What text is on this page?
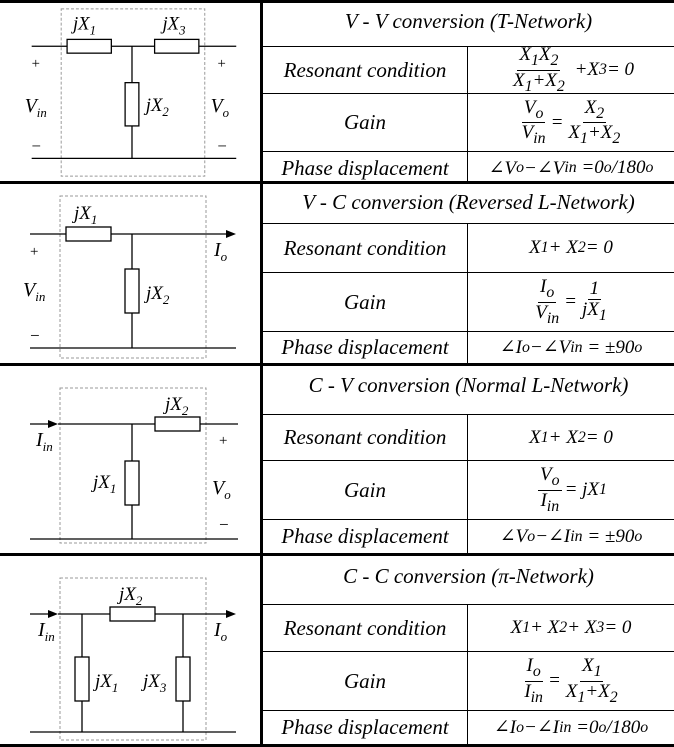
$jX_1$	$jX_3$
$jX_2$
$V_{in}$	$V_o$
+
−
+
−
V - V conversion (T-Network)
Resonant condition	$\frac{X_1X_2}{X_1+X_2} +X$ 3 = 0
Gain	$\frac{V_o}{V_{in}} = \frac{X_2}{X_1+X_2}$
Phase displacement	∠V o −∠V in =0 o /180 o
$jX_1$
$jX_2$
$V_{in}$
$I_o$
+
−
V - C conversion (Reversed L-Network)
Resonant condition	X 1 + X 2 = 0
Gain	$\frac{I_o}{V_{in}} = \frac{1}{jX_1}$
Phase displacement	∠I o −∠V in = ±90 o
$jX_2$
$jX_1$
$I_{in}$
$V_o$
+
−
C - V conversion (Normal L-Network)
Resonant condition	X 1 + X 2 = 0
Gain	$\frac{V_o}{I_{in}}$ = jX 1
Phase displacement	∠V o −∠I in = ±90 o
$jX_2$
$jX_1$ $jX_3$
$I_{in}$	$I_o$
C - C conversion (π-Network)
Resonant condition	X 1 + X 2 + X 3 = 0
Gain	$\frac{I_o}{I_{in}} = \frac{X_1}{X_1+X_2}$
Phase displacement	∠I o −∠I in =0 o /180 o
